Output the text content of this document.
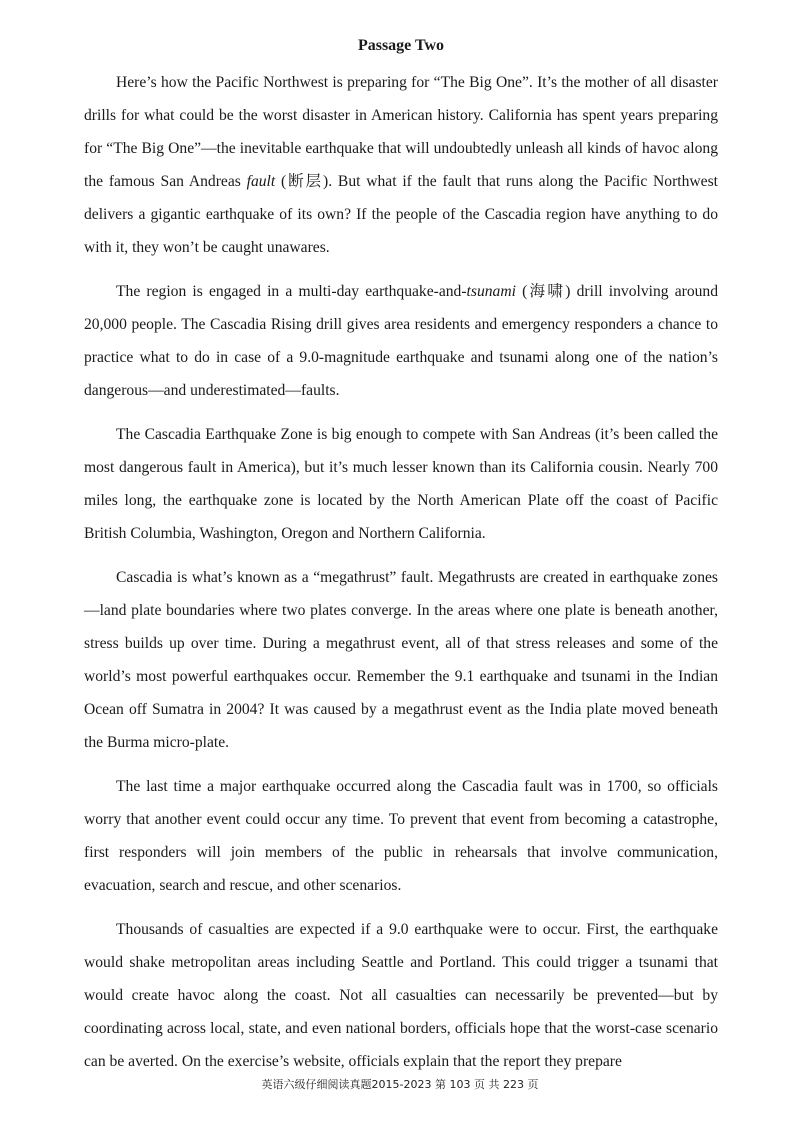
Passage Two

Here’s how the Pacific Northwest is preparing for “The Big One”. It’s the mother of all disaster drills for what could be the worst disaster in American history. California has spent years preparing for “The Big One”—the inevitable earthquake that will undoubtedly unleash all kinds of havoc along the famous San Andreas fault (断层). But what if the fault that runs along the Pacific Northwest delivers a gigantic earthquake of its own? If the people of the Cascadia region have anything to do with it, they won’t be caught unawares.

The region is engaged in a multi-day earthquake-and-tsunami (海啸) drill involving around 20,000 people. The Cascadia Rising drill gives area residents and emergency responders a chance to practice what to do in case of a 9.0-magnitude earthquake and tsunami along one of the nation’s dangerous—and underestimated—faults.

The Cascadia Earthquake Zone is big enough to compete with San Andreas (it’s been called the most dangerous fault in America), but it’s much lesser known than its California cousin. Nearly 700 miles long, the earthquake zone is located by the North American Plate off the coast of Pacific British Columbia, Washington, Oregon and Northern California.

Cascadia is what’s known as a “megathrust” fault. Megathrusts are created in earthquake zones—land plate boundaries where two plates converge. In the areas where one plate is beneath another, stress builds up over time. During a megathrust event, all of that stress releases and some of the world’s most powerful earthquakes occur. Remember the 9.1 earthquake and tsunami in the Indian Ocean off Sumatra in 2004? It was caused by a megathrust event as the India plate moved beneath the Burma micro-plate.

The last time a major earthquake occurred along the Cascadia fault was in 1700, so officials worry that another event could occur any time. To prevent that event from becoming a catastrophe, first responders will join members of the public in rehearsals that involve communication, evacuation, search and rescue, and other scenarios.

Thousands of casualties are expected if a 9.0 earthquake were to occur. First, the earthquake would shake metropolitan areas including Seattle and Portland. This could trigger a tsunami that would create havoc along the coast. Not all casualties can necessarily be prevented—but by coordinating across local, state, and even national borders, officials hope that the worst-case scenario can be averted. On the exercise’s website, officials explain that the report they prepare

英语六级仔细阅读真题2015-2023 第 103 页 共 223 页
